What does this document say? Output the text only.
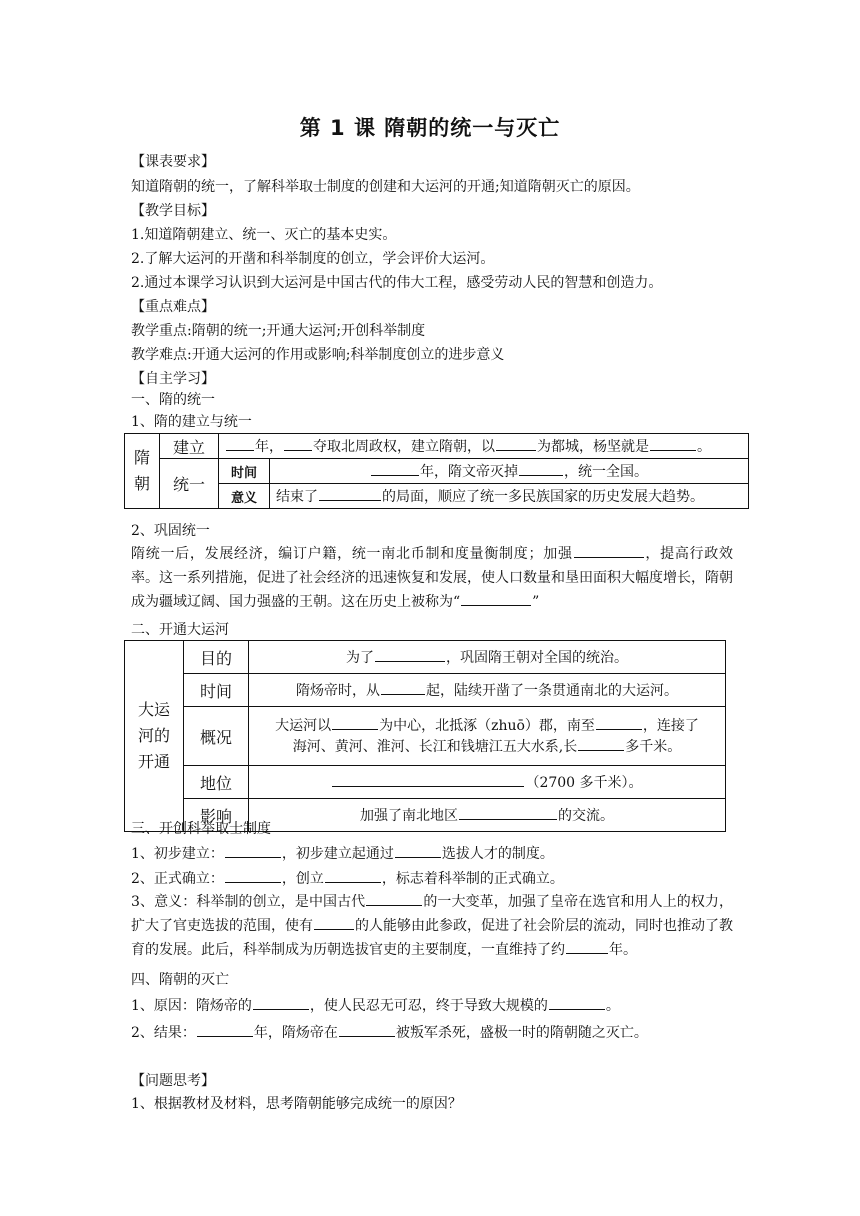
第 1 课 隋朝的统一与灭亡
【课表要求】
知道隋朝的统一，了解科举取士制度的创建和大运河的开通;知道隋朝灭亡的原因。
【教学目标】
1.知道隋朝建立、统一、灭亡的基本史实。
2.了解大运河的开凿和科举制度的创立，学会评价大运河。
2.通过本课学习认识到大运河是中国古代的伟大工程，感受劳动人民的智慧和创造力。
【重点难点】
教学重点:隋朝的统一;开通大运河;开创科举制度
教学难点:开通大运河的作用或影响;科举制度创立的进步意义
【自主学习】
一、隋的统一
1、隋的建立与统一
隋朝	建立	年， 夺取北周政权，建立隋朝，以 为都城，杨坚就是 。	
	统一	时间	年，隋文帝灭掉 ，统一全国。
		意义	结束了 的局面，顺应了统一多民族国家的历史发展大趋势。
2、巩固统一
隋统一后，发展经济，编订户籍，统一南北币制和度量衡制度；加强	，提高行政效率。这一系列措施，促进了社会经济的迅速恢复和发展，使人口数量和垦田面积大幅度增长，隋朝成为疆域辽阔、国力强盛的王朝。这在历史上被称为“	”
二、开通大运河
大运河的开通	目的	为了 ，巩固隋王朝对全国的统治。
	时间	隋炀帝时，从 起，陆续开凿了一条贯通南北的大运河。
	概况	大运河以 为中心，北抵涿（zhuō）郡，南至 ，连接了
海河、黄河、淮河、长江和钱塘江五大水系,长 多千米。
	地位	（2700 多千米）。
	影响	加强了南北地区 的交流。
三、开创科举取士制度
1、初步建立：	，初步建立起通过	选拔人才的制度。
2、正式确立：	，创立	，标志着科举制的正式确立。
3、意义：科举制的创立，是中国古代	的一大变革，加强了皇帝在选官和用人上的权力，扩大了官吏选拔的范围，使有	的人能够由此参政，促进了社会阶层的流动，同时也推动了教育的发展。此后，科举制成为历朝选拔官吏的主要制度，一直维持了约	年。
四、隋朝的灭亡
1、原因：隋炀帝的	，使人民忍无可忍，终于导致大规模的	。
2、结果：	年，隋炀帝在	被叛军杀死，盛极一时的隋朝随之灭亡。
【问题思考】
1、根据教材及材料，思考隋朝能够完成统一的原因？
